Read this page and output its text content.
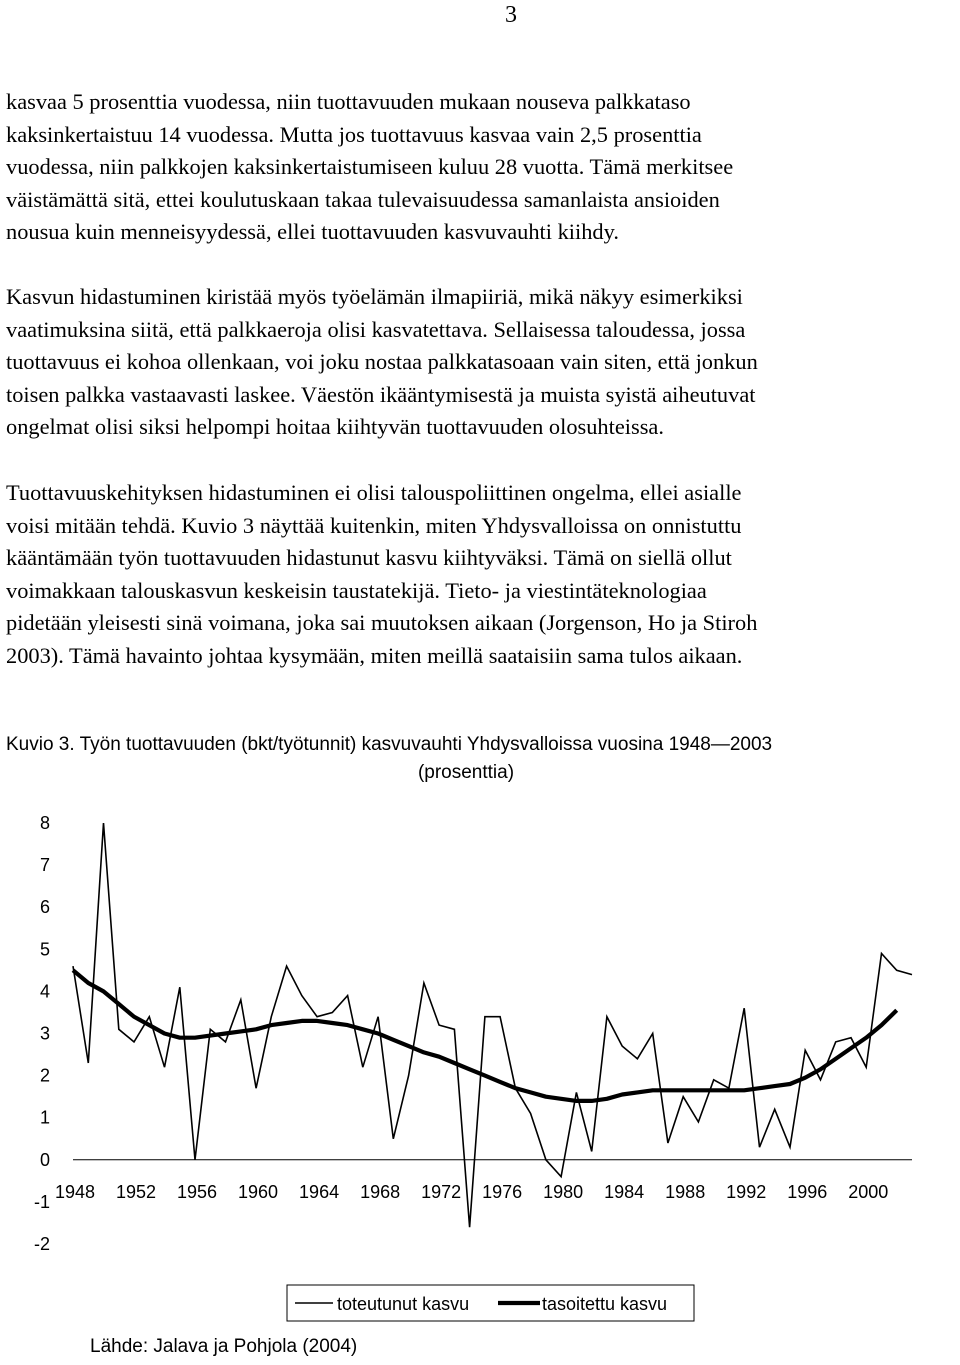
3
kasvaa 5 prosenttia vuodessa, niin tuottavuuden mukaan nouseva palkkataso
kaksinkertaistuu 14 vuodessa. Mutta jos tuottavuus kasvaa vain 2,5 prosenttia
vuodessa, niin palkkojen kaksinkertaistumiseen kuluu 28 vuotta. Tämä merkitsee
väistämättä sitä, ettei koulutuskaan takaa tulevaisuudessa samanlaista ansioiden
nousua kuin menneisyydessä, ellei tuottavuuden kasvuvauhti kiihdy.
Kasvun hidastuminen kiristää myös työelämän ilmapiiriä, mikä näkyy esimerkiksi
vaatimuksina siitä, että palkkaeroja olisi kasvatettava. Sellaisessa taloudessa, jossa
tuottavuus ei kohoa ollenkaan, voi joku nostaa palkkatasoaan vain siten, että jonkun
toisen palkka vastaavasti laskee. Väestön ikääntymisestä ja muista syistä aiheutuvat
ongelmat olisi siksi helpompi hoitaa kiihtyvän tuottavuuden olosuhteissa.
Tuottavuuskehityksen hidastuminen ei olisi talouspoliittinen ongelma, ellei asialle
voisi mitään tehdä. Kuvio 3 näyttää kuitenkin, miten Yhdysvalloissa on onnistuttu
kääntämään työn tuottavuuden hidastunut kasvu kiihtyväksi. Tämä on siellä ollut
voimakkaan talouskasvun keskeisin taustatekijä. Tieto- ja viestintäteknologiaa
pidetään yleisesti sinä voimana, joka sai muutoksen aikaan (Jorgenson, Ho ja Stiroh
2003). Tämä havainto johtaa kysymään, miten meillä saataisiin sama tulos aikaan.
Kuvio 3. Työn tuottavuuden (bkt/työtunnit) kasvuvauhti Yhdysvalloissa vuosina 1948—2003
(prosenttia)
8
7
6
5
4
3
2
1
0
-1
-2
1948 1952 1956 1960 1964 1968 1972 1976 1980 1984 1988 1992 1996 2000
toteutunut kasvu	tasoitettu kasvu
Lähde: Jalava ja Pohjola (2004)
